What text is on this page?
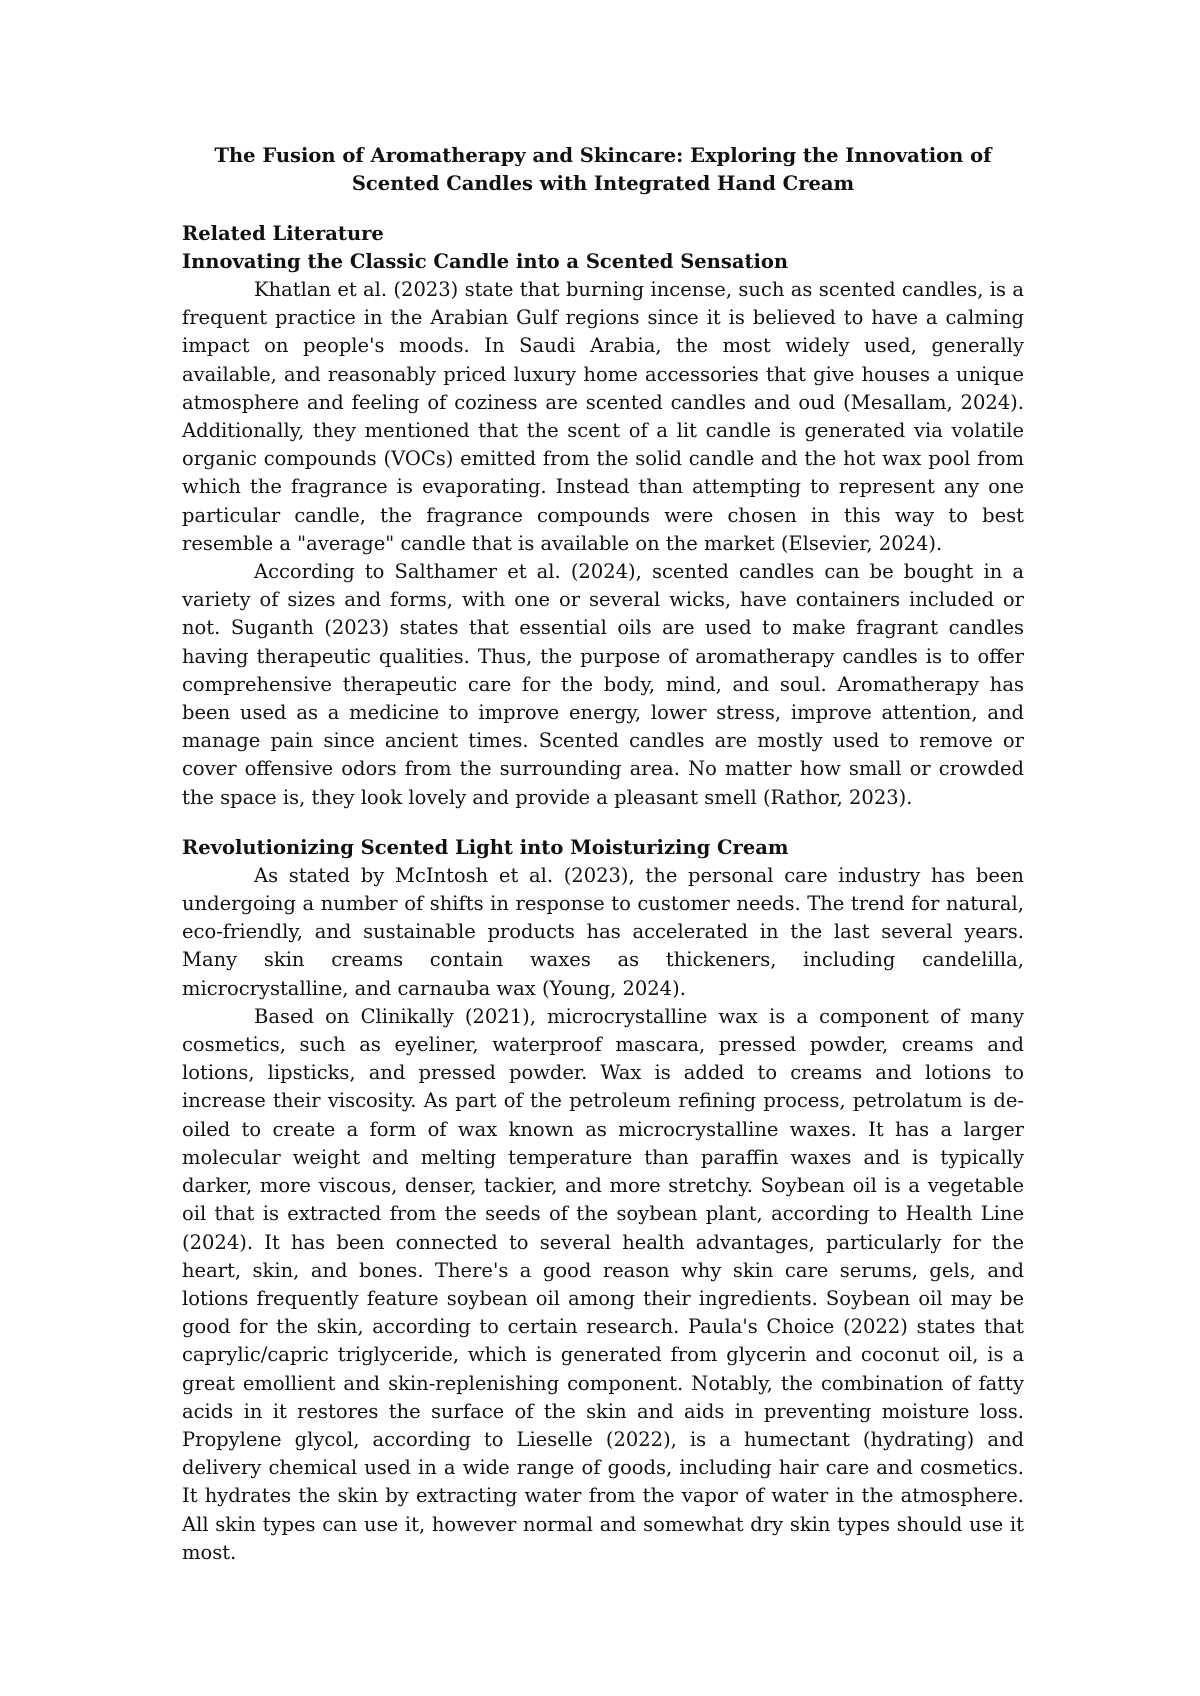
The Fusion of Aromatherapy and Skincare: Exploring the Innovation of Scented Candles with Integrated Hand Cream

Related Literature

Innovating the Classic Candle into a Scented Sensation

Khatlan et al. (2023) state that burning incense, such as scented candles, is a frequent practice in the Arabian Gulf regions since it is believed to have a calming impact on people's moods. In Saudi Arabia, the most widely used, generally available, and reasonably priced luxury home accessories that give houses a unique atmosphere and feeling of coziness are scented candles and oud (Mesallam, 2024). Additionally, they mentioned that the scent of a lit candle is generated via volatile organic compounds (VOCs) emitted from the solid candle and the hot wax pool from which the fragrance is evaporating. Instead than attempting to represent any one particular candle, the fragrance compounds were chosen in this way to best resemble a "average" candle that is available on the market (Elsevier, 2024).

According to Salthamer et al. (2024), scented candles can be bought in a variety of sizes and forms, with one or several wicks, have containers included or not. Suganth (2023) states that essential oils are used to make fragrant candles having therapeutic qualities. Thus, the purpose of aromatherapy candles is to offer comprehensive therapeutic care for the body, mind, and soul. Aromatherapy has been used as a medicine to improve energy, lower stress, improve attention, and manage pain since ancient times. Scented candles are mostly used to remove or cover offensive odors from the surrounding area. No matter how small or crowded the space is, they look lovely and provide a pleasant smell (Rathor, 2023).

Revolutionizing Scented Light into Moisturizing Cream

As stated by McIntosh et al. (2023), the personal care industry has been undergoing a number of shifts in response to customer needs. The trend for natural, eco-friendly, and sustainable products has accelerated in the last several years. Many skin creams contain waxes as thickeners, including candelilla, microcrystalline, and carnauba wax (Young, 2024).

Based on Clinikally (2021), microcrystalline wax is a component of many cosmetics, such as eyeliner, waterproof mascara, pressed powder, creams and lotions, lipsticks, and pressed powder. Wax is added to creams and lotions to increase their viscosity. As part of the petroleum refining process, petrolatum is de-oiled to create a form of wax known as microcrystalline waxes. It has a larger molecular weight and melting temperature than paraffin waxes and is typically darker, more viscous, denser, tackier, and more stretchy. Soybean oil is a vegetable oil that is extracted from the seeds of the soybean plant, according to Health Line (2024). It has been connected to several health advantages, particularly for the heart, skin, and bones. There's a good reason why skin care serums, gels, and lotions frequently feature soybean oil among their ingredients. Soybean oil may be good for the skin, according to certain research. Paula's Choice (2022) states that caprylic/capric triglyceride, which is generated from glycerin and coconut oil, is a great emollient and skin-replenishing component. Notably, the combination of fatty acids in it restores the surface of the skin and aids in preventing moisture loss. Propylene glycol, according to Lieselle (2022), is a humectant (hydrating) and delivery chemical used in a wide range of goods, including hair care and cosmetics. It hydrates the skin by extracting water from the vapor of water in the atmosphere. All skin types can use it, however normal and somewhat dry skin types should use it most.
